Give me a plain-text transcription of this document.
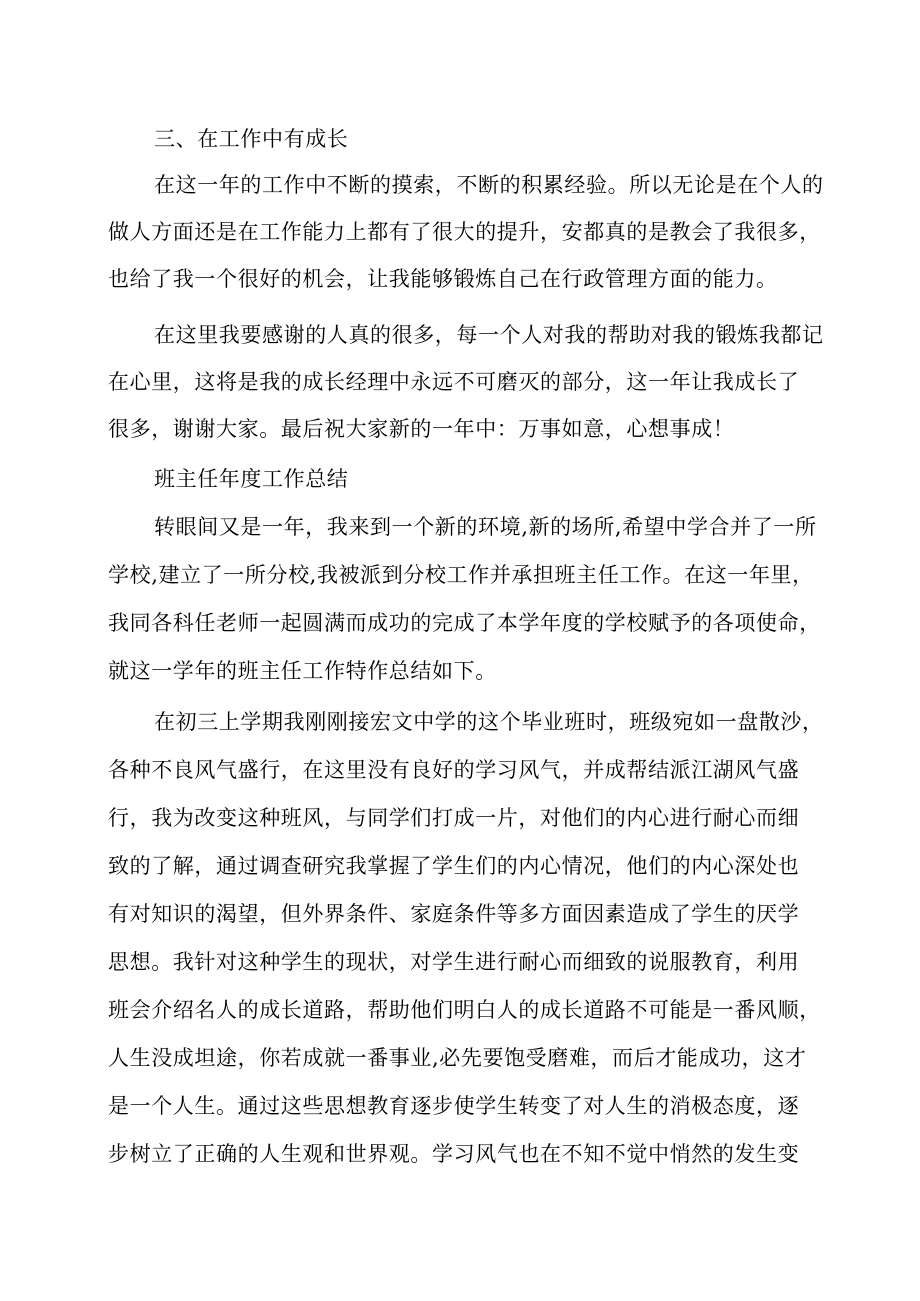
三、在工作中有成长
在这一年的工作中不断的摸索，不断的积累经验。所以无论是在个人的
做人方面还是在工作能力上都有了很大的提升，安都真的是教会了我很多，
也给了我一个很好的机会，让我能够锻炼自己在行政管理方面的能力。
在这里我要感谢的人真的很多，每一个人对我的帮助对我的锻炼我都记
在心里，这将是我的成长经理中永远不可磨灭的部分，这一年让我成长了
很多，谢谢大家。最后祝大家新的一年中：万事如意，心想事成！
班主任年度工作总结
转眼间又是一年，我来到一个新的环境,新的场所,希望中学合并了一所
学校,建立了一所分校,我被派到分校工作并承担班主任工作。在这一年里，
我同各科任老师一起圆满而成功的完成了本学年度的学校赋予的各项使命，
就这一学年的班主任工作特作总结如下。
在初三上学期我刚刚接宏文中学的这个毕业班时，班级宛如一盘散沙，
各种不良风气盛行，在这里没有良好的学习风气，并成帮结派江湖风气盛
行，我为改变这种班风，与同学们打成一片，对他们的内心进行耐心而细
致的了解，通过调查研究我掌握了学生们的内心情况，他们的内心深处也
有对知识的渴望，但外界条件、家庭条件等多方面因素造成了学生的厌学
思想。我针对这种学生的现状，对学生进行耐心而细致的说服教育，利用
班会介绍名人的成长道路，帮助他们明白人的成长道路不可能是一番风顺，
人生没成坦途，你若成就一番事业,必先要饱受磨难，而后才能成功，这才
是一个人生。通过这些思想教育逐步使学生转变了对人生的消极态度，逐
步树立了正确的人生观和世界观。学习风气也在不知不觉中悄然的发生变
